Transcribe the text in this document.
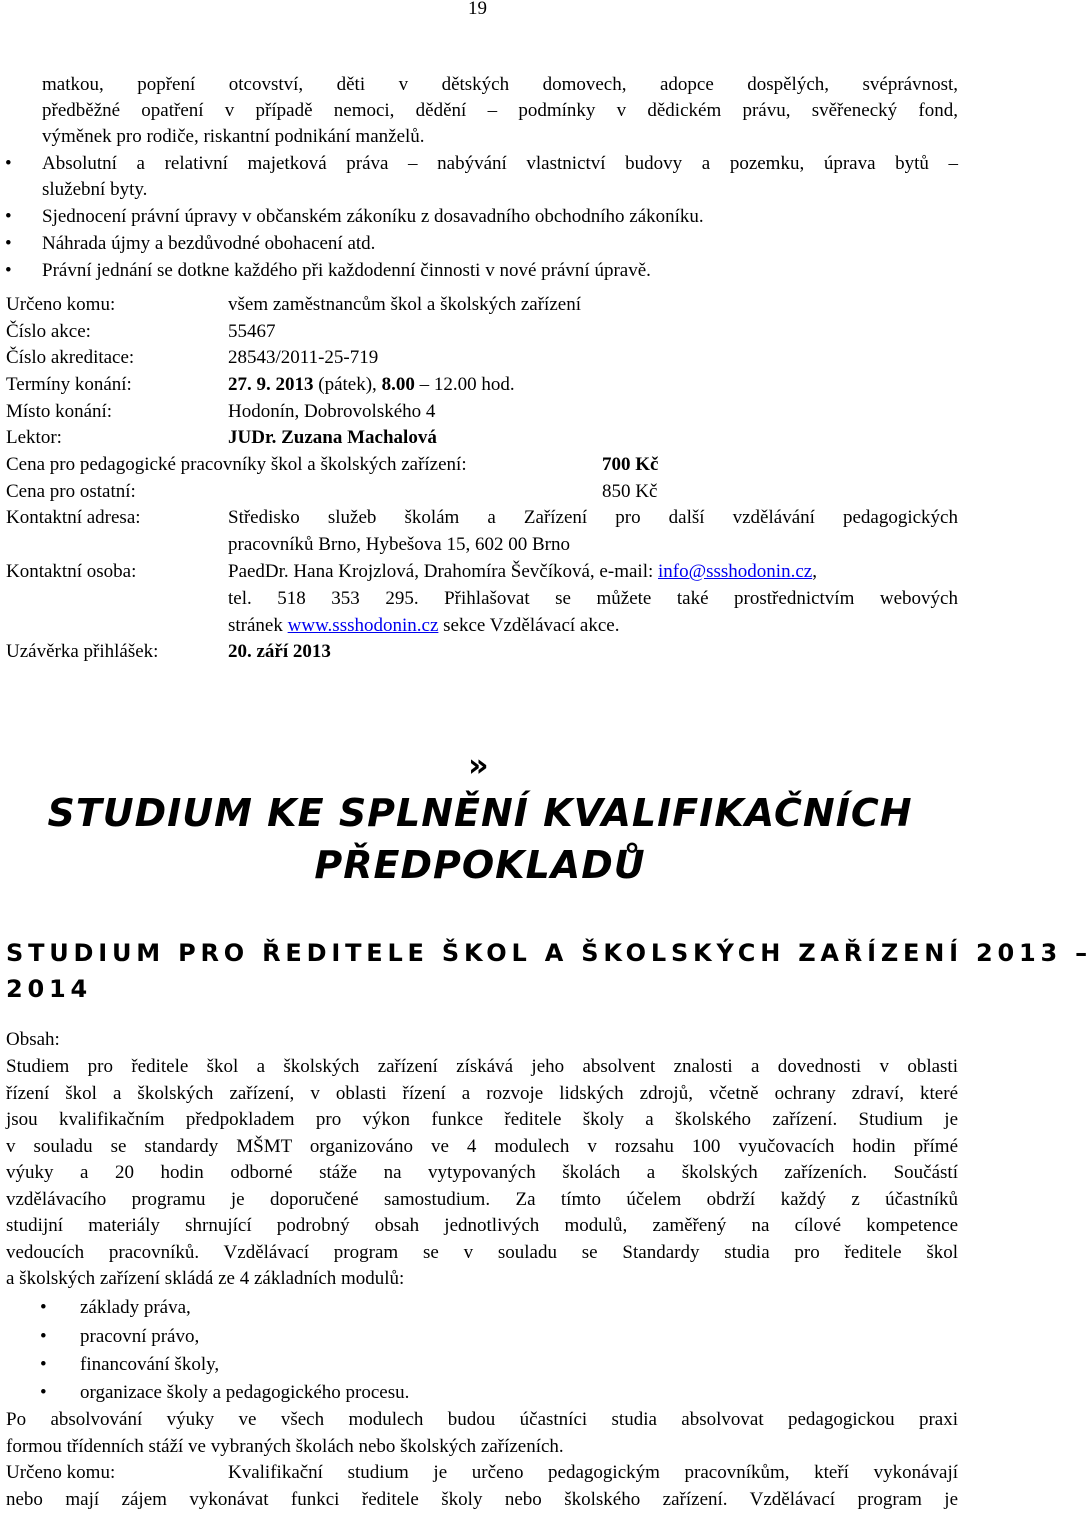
19
matkou, popření otcovství, děti v dětských domovech, adopce dospělých, svéprávnost,
předběžné opatření v případě nemoci, dědění – podmínky v dědickém právu, svěřenecký fond,
výměnek pro rodiče, riskantní podnikání manželů.
• Absolutní a relativní majetková práva – nabývání vlastnictví budovy a pozemku, úprava bytů –
služební byty.
• Sjednocení právní úpravy v občanském zákoníku z dosavadního obchodního zákoníku.
• Náhrada újmy a bezdůvodné obohacení atd.
• Právní jednání se dotkne každého při každodenní činnosti v nové právní úpravě.
Určeno komu:	všem zaměstnancům škol a školských zařízení
Číslo akce:	55467
Číslo akreditace:	28543/2011-25-719
Termíny konání:	27. 9. 2013 (pátek), 8.00 – 12.00 hod.
Místo konání:	Hodonín, Dobrovolského 4
Lektor:	JUDr. Zuzana Machalová
Cena pro pedagogické pracovníky škol a školských zařízení:	700 Kč
Cena pro ostatní:	850 Kč
Kontaktní adresa:	Středisko služeb školám a Zařízení pro další vzdělávání pedagogických
pracovníků Brno, Hybešova 15, 602 00 Brno
Kontaktní osoba:	PaedDr. Hana Krojzlová, Drahomíra Ševčíková, e-mail: info@ssshodonin.cz,
tel. 518 353 295. Přihlašovat se můžete také prostřednictvím webových
stránek www.ssshodonin.cz sekce Vzdělávací akce.
Uzávěrka přihlášek:	20. září 2013
»
STUDIUM KE SPLNĚNÍ KVALIFIKAČNÍCH
PŘEDPOKLADŮ
STUDIUM PRO ŘEDITELE ŠKOL A ŠKOLSKÝCH ZAŘÍZENÍ 2013 –
2014
Obsah:
Studiem pro ředitele škol a školských zařízení získává jeho absolvent znalosti a dovednosti v oblasti
řízení škol a školských zařízení, v oblasti řízení a rozvoje lidských zdrojů, včetně ochrany zdraví, které
jsou kvalifikačním předpokladem pro výkon funkce ředitele školy a školského zařízení. Studium je
v souladu se standardy MŠMT organizováno ve 4 modulech v rozsahu 100 vyučovacích hodin přímé
výuky a 20 hodin odborné stáže na vytypovaných školách a školských zařízeních. Součástí
vzdělávacího programu je doporučené samostudium. Za tímto účelem obdrží každý z účastníků
studijní materiály shrnující podrobný obsah jednotlivých modulů, zaměřený na cílové kompetence
vedoucích pracovníků. Vzdělávací program se v souladu se Standardy studia pro ředitele škol
a školských zařízení skládá ze 4 základních modulů:
• základy práva,
• pracovní právo,
• financování školy,
• organizace školy a pedagogického procesu.
Po absolvování výuky ve všech modulech budou účastníci studia absolvovat pedagogickou praxi
formou třídenních stáží ve vybraných školách nebo školských zařízeních.
Určeno komu:	Kvalifikační studium je určeno pedagogickým pracovníkům, kteří vykonávají
nebo mají zájem vykonávat funkci ředitele školy nebo školského zařízení. Vzdělávací program je
